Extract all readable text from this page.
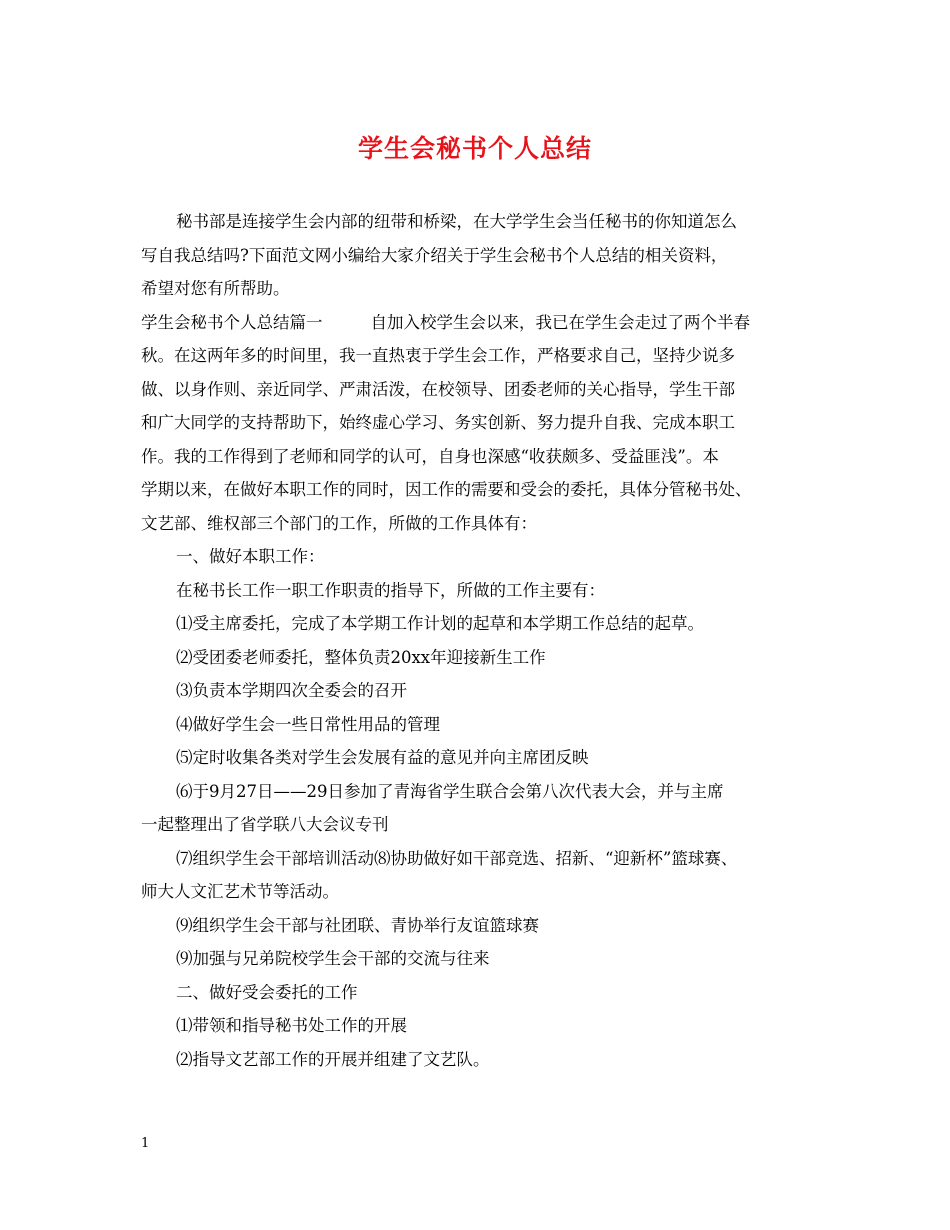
学生会秘书个人总结
秘书部是连接学生会内部的纽带和桥梁，在大学学生会当任秘书的你知道怎么
写自我总结吗?下面范文网小编给大家介绍关于学生会秘书个人总结的相关资料，
希望对您有所帮助。
学生会秘书个人总结篇一	自加入校学生会以来，我已在学生会走过了两个半春
秋。在这两年多的时间里，我一直热衷于学生会工作，严格要求自己，坚持少说多
做、以身作则、亲近同学、严肃活泼，在校领导、团委老师的关心指导，学生干部
和广大同学的支持帮助下，始终虚心学习、务实创新、努力提升自我、完成本职工
作。我的工作得到了老师和同学的认可，自身也深感“收获颇多、受益匪浅”。本
学期以来，在做好本职工作的同时，因工作的需要和受会的委托，具体分管秘书处、
文艺部、维权部三个部门的工作，所做的工作具体有：
一、做好本职工作：
在秘书长工作一职工作职责的指导下，所做的工作主要有：
⑴受主席委托，完成了本学期工作计划的起草和本学期工作总结的起草。
⑵受团委老师委托，整体负责20xx年迎接新生工作
⑶负责本学期四次全委会的召开
⑷做好学生会一些日常性用品的管理
⑸定时收集各类对学生会发展有益的意见并向主席团反映
⑹于9月27日——29日参加了青海省学生联合会第八次代表大会，并与主席
一起整理出了省学联八大会议专刊
⑺组织学生会干部培训活动⑻协助做好如干部竞选、招新、“迎新杯”篮球赛、
师大人文汇艺术节等活动。
⑼组织学生会干部与社团联、青协举行友谊篮球赛
⑼加强与兄弟院校学生会干部的交流与往来
二、做好受会委托的工作
⑴带领和指导秘书处工作的开展
⑵指导文艺部工作的开展并组建了文艺队。
1
